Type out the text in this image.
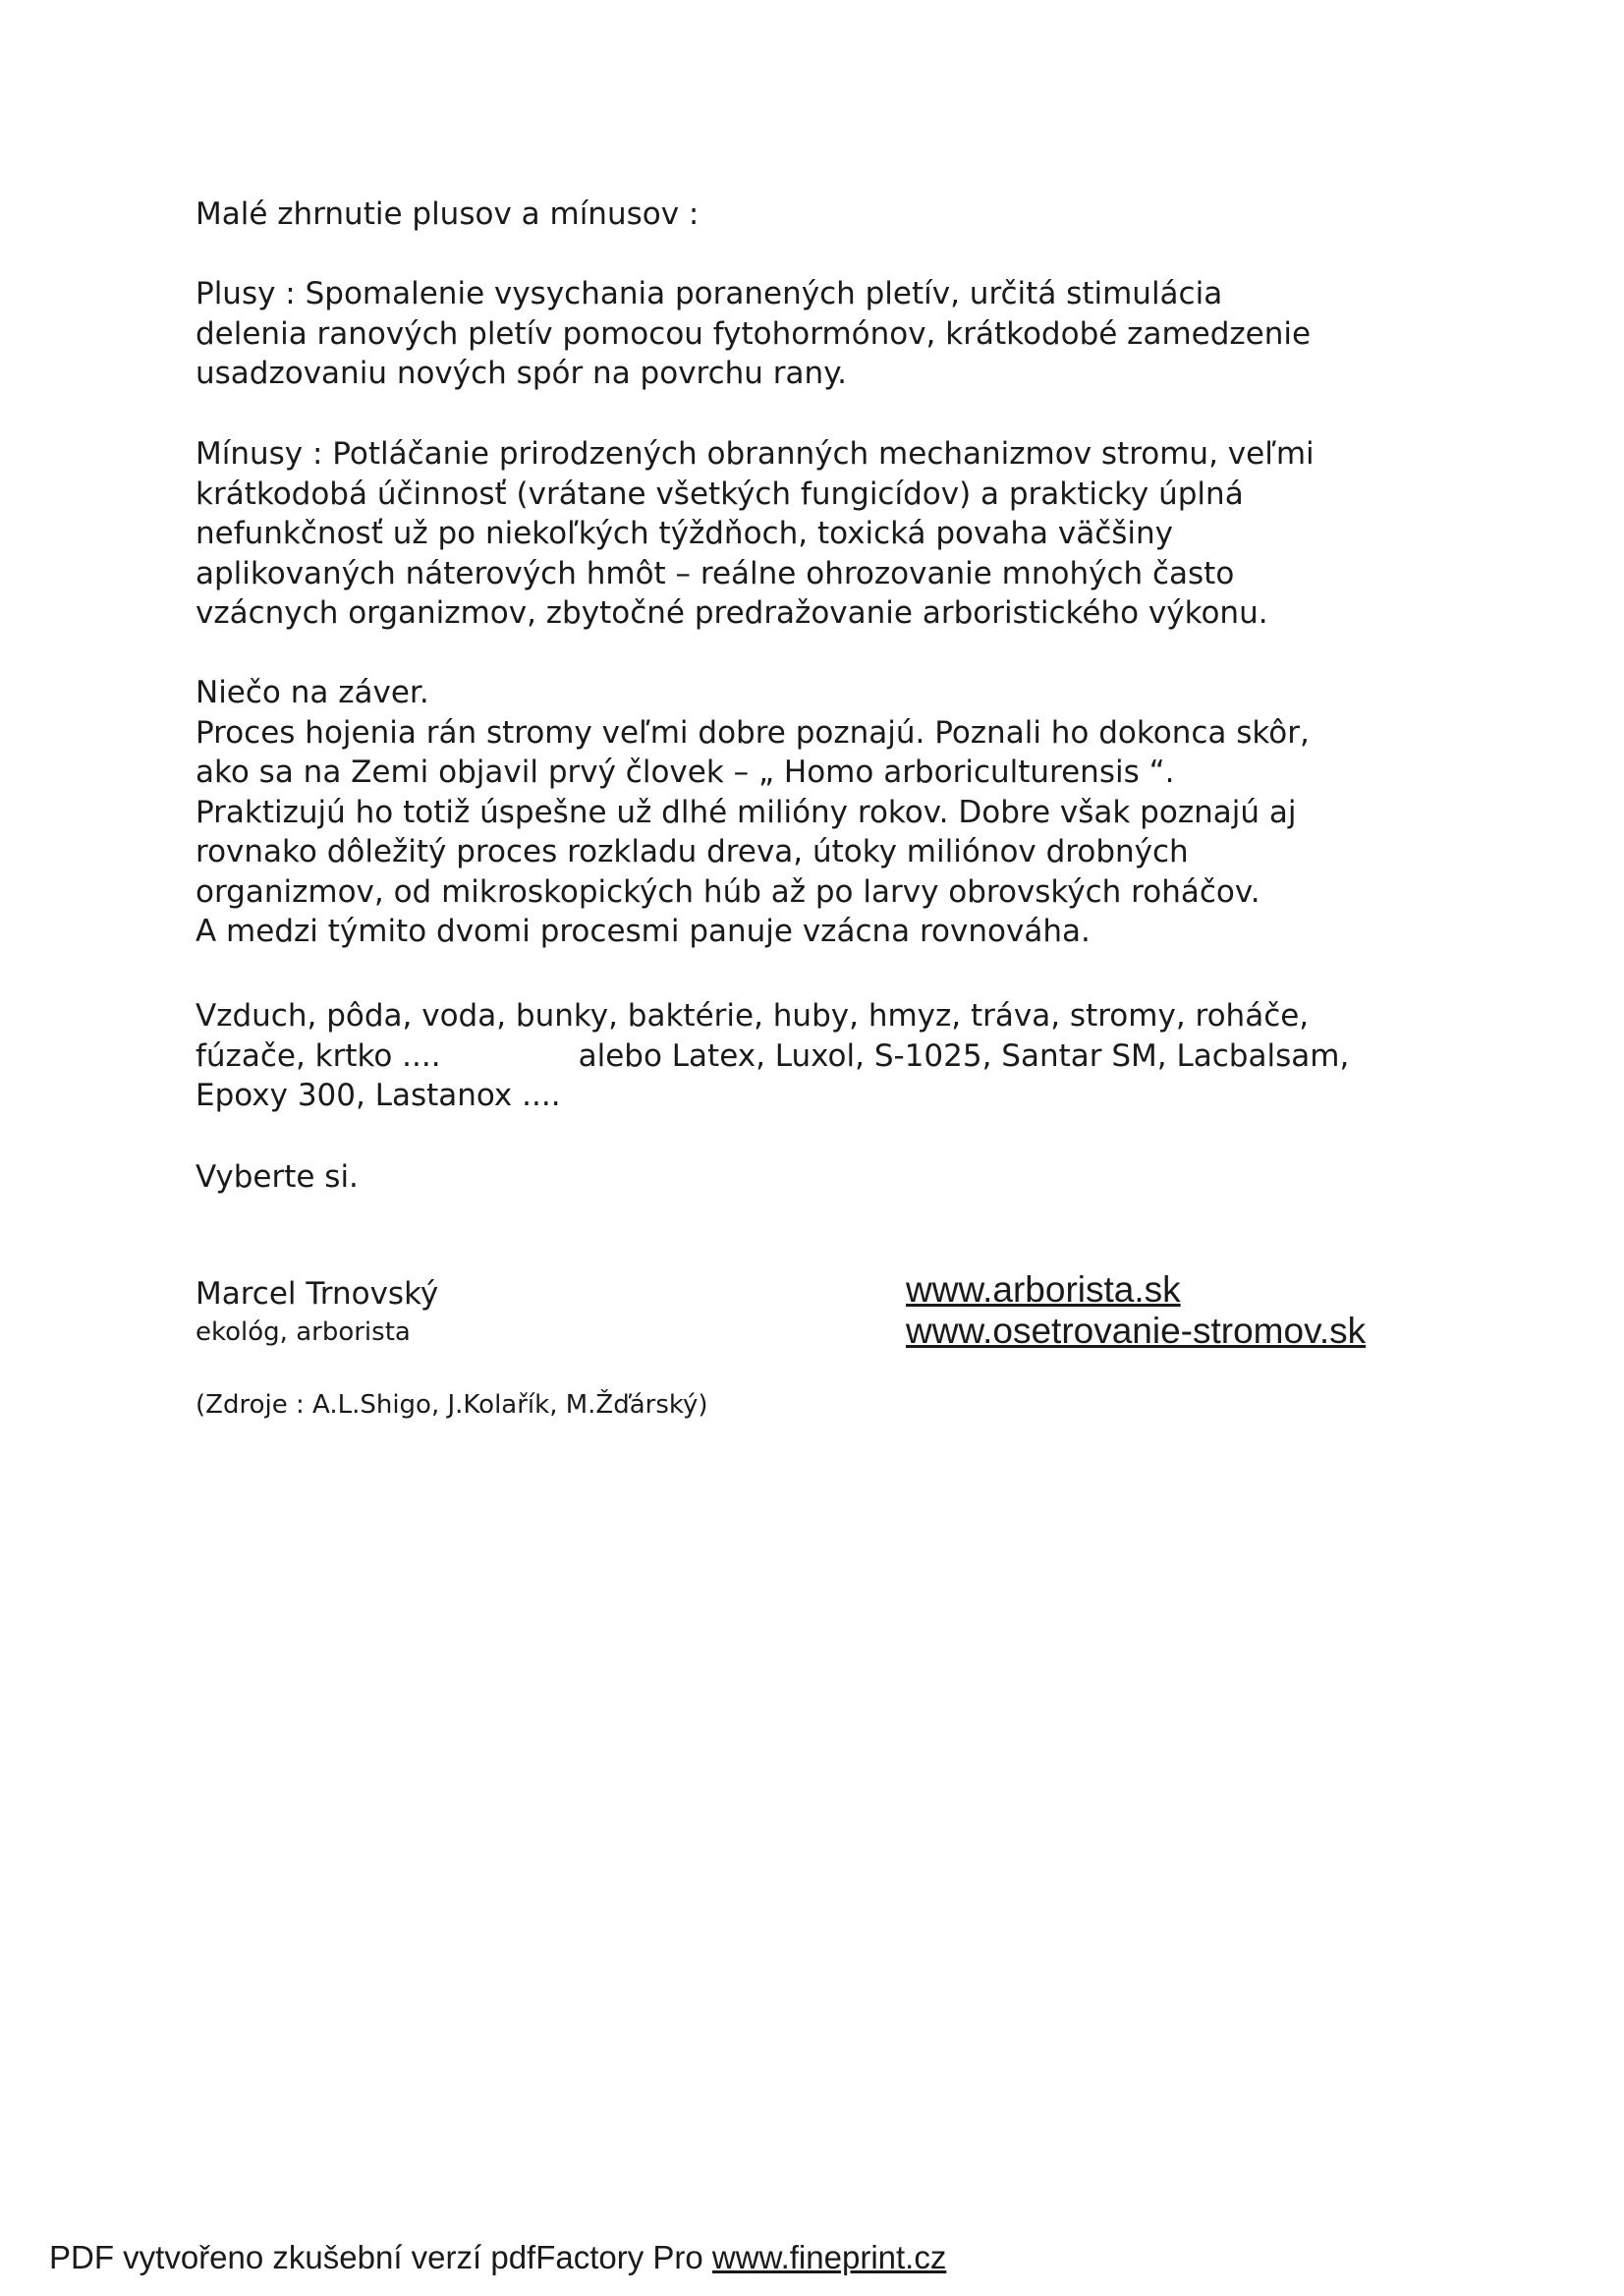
Malé zhrnutie plusov a mínusov :

Plusy : Spomalenie vysychania poranených pletív, určitá stimulácia
delenia ranových pletív pomocou fytohormónov, krátkodobé zamedzenie
usadzovaniu nových spór na povrchu rany.

Mínusy : Potláčanie prirodzených obranných mechanizmov stromu, veľmi
krátkodobá účinnosť (vrátane všetkých fungicídov) a prakticky úplná
nefunkčnosť už po niekoľkých týždňoch, toxická povaha väčšiny
aplikovaných náterových hmôt – reálne ohrozovanie mnohých často
vzácnych organizmov, zbytočné predražovanie arboristického výkonu.

Niečo na záver.
Proces hojenia rán stromy veľmi dobre poznajú. Poznali ho dokonca skôr,
ako sa na Zemi objavil prvý človek – „ Homo arboriculturensis “.
Praktizujú ho totiž úspešne už dlhé milióny rokov. Dobre však poznajú aj
rovnako dôležitý proces rozkladu dreva, útoky miliónov drobných
organizmov, od mikroskopických húb až po larvy obrovských roháčov.
A medzi týmito dvomi procesmi panuje vzácna rovnováha.

Vzduch, pôda, voda, bunky, baktérie, huby, hmyz, tráva, stromy, roháče,
fúzače, krtko ....	alebo Latex, Luxol, S-1025, Santar SM, Lacbalsam,
Epoxy 300, Lastanox ....

Vyberte si.

Marcel Trnovský
ekológ, arborista
www.arborista.sk
www.osetrovanie-stromov.sk
(Zdroje : A.L.Shigo, J.Kolařík, M.Žďárský)
PDF vytvořeno zkušební verzí pdfFactory Pro www.fineprint.cz
